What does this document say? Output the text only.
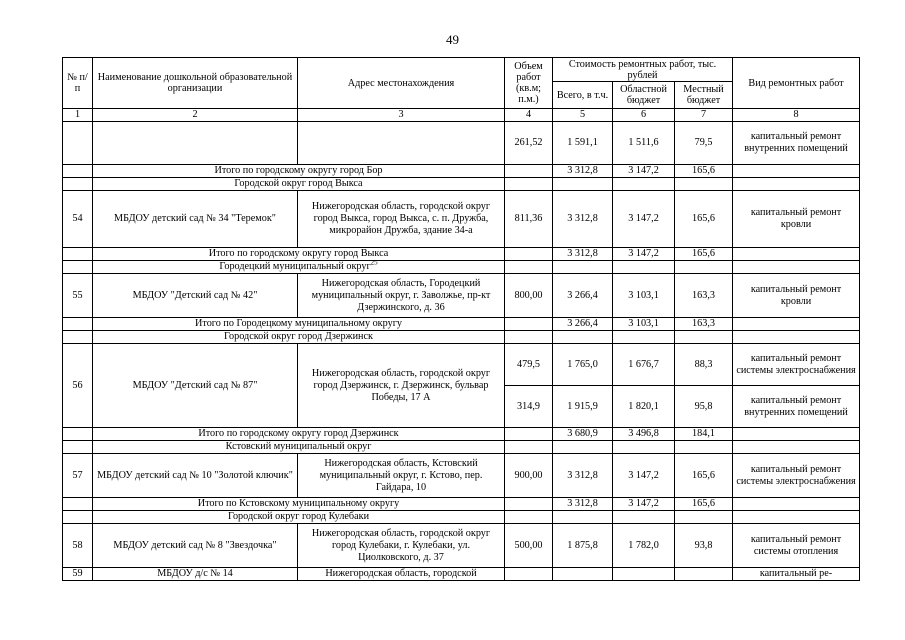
49
№ п/п	Наименование дошкольной образовательной организации	Адрес местонахождения	Объем работ (кв.м; п.м.)	Стоимость ремонтных работ, тыс. рублей			Вид ремонтных работ
				Всего, в т.ч.	Областной бюджет	Местный бюджет	
1	2	3	4	5	6	7	8
			261,52	1 591,1	1 511,6	79,5	капитальный ремонт внутренних помещений
	Итого по городскому округу город Бор			3 312,8	3 147,2	165,6	
	Городской округ город Выкса						
54	МБДОУ детский сад № 34 "Теремок"	Нижегородская область, городской округ город Выкса, город Выкса, с. п. Дружба, микрорайон Дружба, здание 34-а	811,36	3 312,8	3 147,2	165,6	капитальный ремонт кровли
	Итого по городскому округу город Выкса			3 312,8	3 147,2	165,6	
	Городецкий муниципальный округ$^{25}$					
55	МБДОУ "Детский сад № 42"	Нижегородская область, Городецкий муниципальный округ, г. Заволжье, пр-кт Дзержинского, д. 36	800,00	3 266,4	3 103,1	163,3	капитальный ремонт кровли
	Итого по Городецкому муниципальному округу			3 266,4	3 103,1	163,3	
	Городской округ город Дзержинск						
56	МБДОУ "Детский сад № 87"	Нижегородская область, городской округ город Дзержинск, г. Дзержинск, бульвар Победы, 17 А	479,5	1 765,0	1 676,7	88,3	капитальный ремонт системы электроснабжения
			314,9	1 915,9	1 820,1	95,8	капитальный ремонт внутренних помещений
	Итого по городскому округу город Дзержинск			3 680,9	3 496,8	184,1	
	Кстовский муниципальный округ						
57	МБДОУ детский сад № 10 "Золотой ключик"	Нижегородская область, Кстовский муниципальный округ, г. Кстово, пер. Гайдара, 10	900,00	3 312,8	3 147,2	165,6	капитальный ремонт системы электроснабжения
	Итого по Кстовскому муниципальному округу			3 312,8	3 147,2	165,6	
	Городской округ город Кулебаки						
58	МБДОУ детский сад № 8 "Звездочка"	Нижегородская область, городской округ город Кулебаки, г. Кулебаки, ул. Циолковского, д. 37	500,00	1 875,8	1 782,0	93,8	капитальный ремонт системы отопления
59	МБДОУ д/с № 14	Нижегородская область, городской					капитальный ре-
